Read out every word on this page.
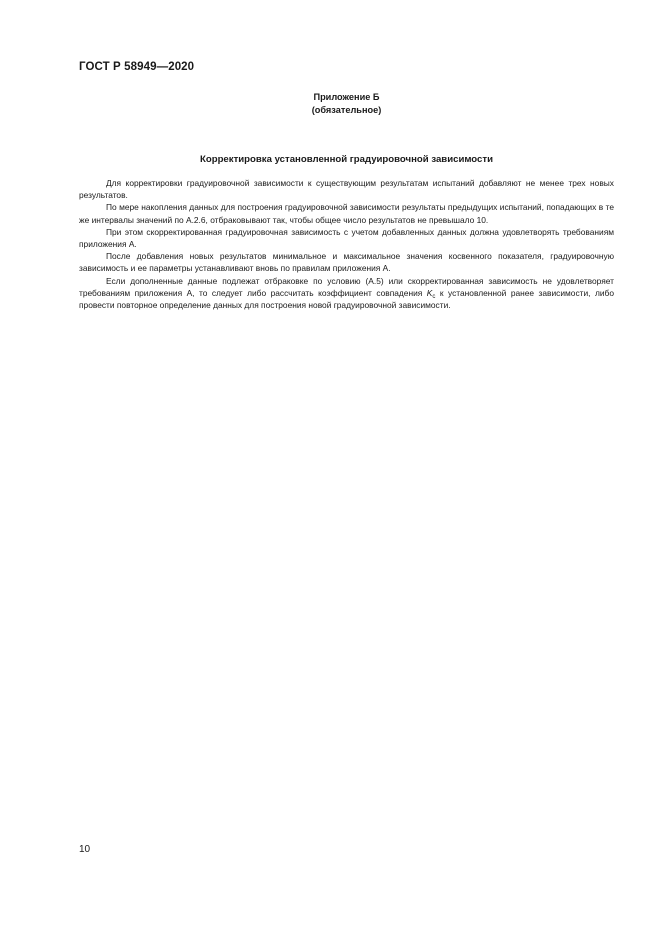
ГОСТ Р 58949—2020
Приложение Б
(обязательное)
Корректировка установленной градуировочной зависимости

Для корректировки градуировочной зависимости к существующим результатам испытаний добавляют не менее трех новых результатов.

По мере накопления данных для построения градуировочной зависимости результаты предыдущих испытаний, попадающих в те же интервалы значений по А.2.6, отбраковывают так, чтобы общее число результатов не превышало 10.

При этом скорректированная градуировочная зависимость с учетом добавленных данных должна удовлетворять требованиям приложения А.

После добавления новых результатов минимальное и максимальное значения косвенного показателя, градуировочную зависимость и ее параметры устанавливают вновь по правилам приложения А.

Если дополненные данные подлежат отбраковке по условию (А.5) или скорректированная зависимость не удовлетворяет требованиям приложения А, то следует либо рассчитать коэффициент совпадения $K_c$ к установленной ранее зависимости, либо провести повторное определение данных для построения новой градуировочной зависимости.

10
